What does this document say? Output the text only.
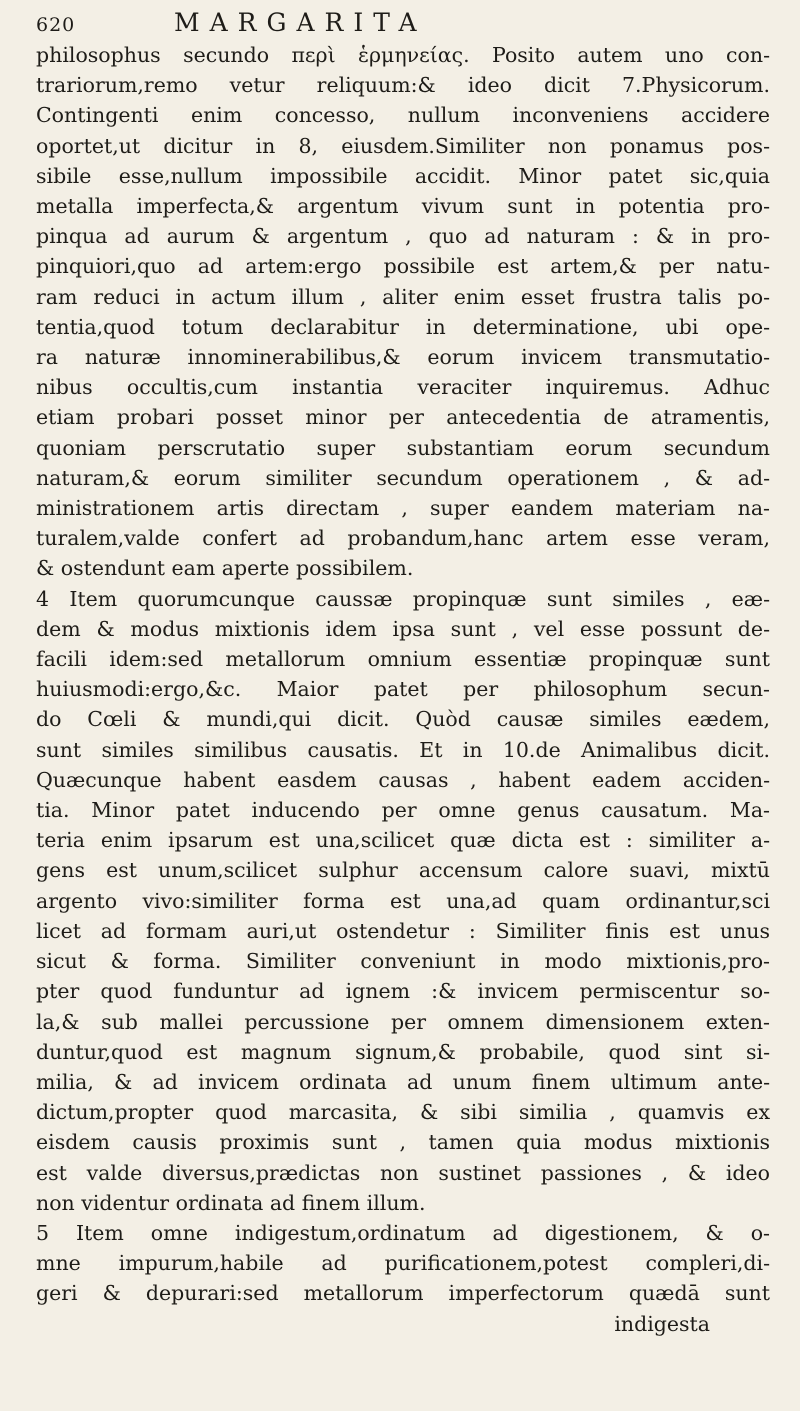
620	MARGARITA
philosophus secundo περὶ ἑρμηνείας. Posito autem uno con-
trariorum,remo vetur reliquum:& ideo dicit 7.Physicorum.
Contingenti enim concesso, nullum inconveniens accidere
oportet,ut dicitur in 8, eiusdem.Similiter non ponamus pos-
sibile esse,nullum impossibile accidit. Minor patet sic,quia
metalla imperfecta,& argentum vivum sunt in potentia pro-
pinqua ad aurum & argentum , quo ad naturam : & in pro-
pinquiori,quo ad artem:ergo possibile est artem,& per natu-
ram reduci in actum illum , aliter enim esset frustra talis po-
tentia,quod totum declarabitur in determinatione, ubi ope-
ra naturæ innominerabilibus,& eorum invicem transmutatio-
nibus occultis,cum instantia veraciter inquiremus. Adhuc
etiam probari posset minor per antecedentia de atramentis,
quoniam perscrutatio super substantiam eorum secundum
naturam,& eorum similiter secundum operationem , & ad-
ministrationem artis directam , super eandem materiam na-
turalem,valde confert ad probandum,hanc artem esse veram,
& ostendunt eam aperte possibilem.
4 Item quorumcunque caussæ propinquæ sunt similes , eæ-
dem & modus mixtionis idem ipsa sunt , vel esse possunt de-
facili idem:sed metallorum omnium essentiæ propinquæ sunt
huiusmodi:ergo,&c. Maior patet per philosophum secun-
do Cœli & mundi,qui dicit. Quòd causæ similes eædem,
sunt similes similibus causatis. Et in 10.de Animalibus dicit.
Quæcunque habent easdem causas , habent eadem acciden-
tia. Minor patet inducendo per omne genus causatum. Ma-
teria enim ipsarum est una,scilicet quæ dicta est : similiter a-
gens est unum,scilicet sulphur accensum calore suavi, mixtū
argento vivo:similiter forma est una,ad quam ordinantur,sci
licet ad formam auri,ut ostendetur : Similiter finis est unus
sicut & forma. Similiter conveniunt in modo mixtionis,pro-
pter quod funduntur ad ignem :& invicem permiscentur so-
la,& sub mallei percussione per omnem dimensionem exten-
duntur,quod est magnum signum,& probabile, quod sint si-
milia, & ad invicem ordinata ad unum finem ultimum ante-
dictum,propter quod marcasita, & sibi similia , quamvis ex
eisdem causis proximis sunt , tamen quia modus mixtionis
est valde diversus,prædictas non sustinet passiones , & ideo
non videntur ordinata ad finem illum.
5 Item omne indigestum,ordinatum ad digestionem, & o-
mne impurum,habile ad purificationem,potest compleri,di-
geri & depurari:sed metallorum imperfectorum quædā sunt
indigesta
